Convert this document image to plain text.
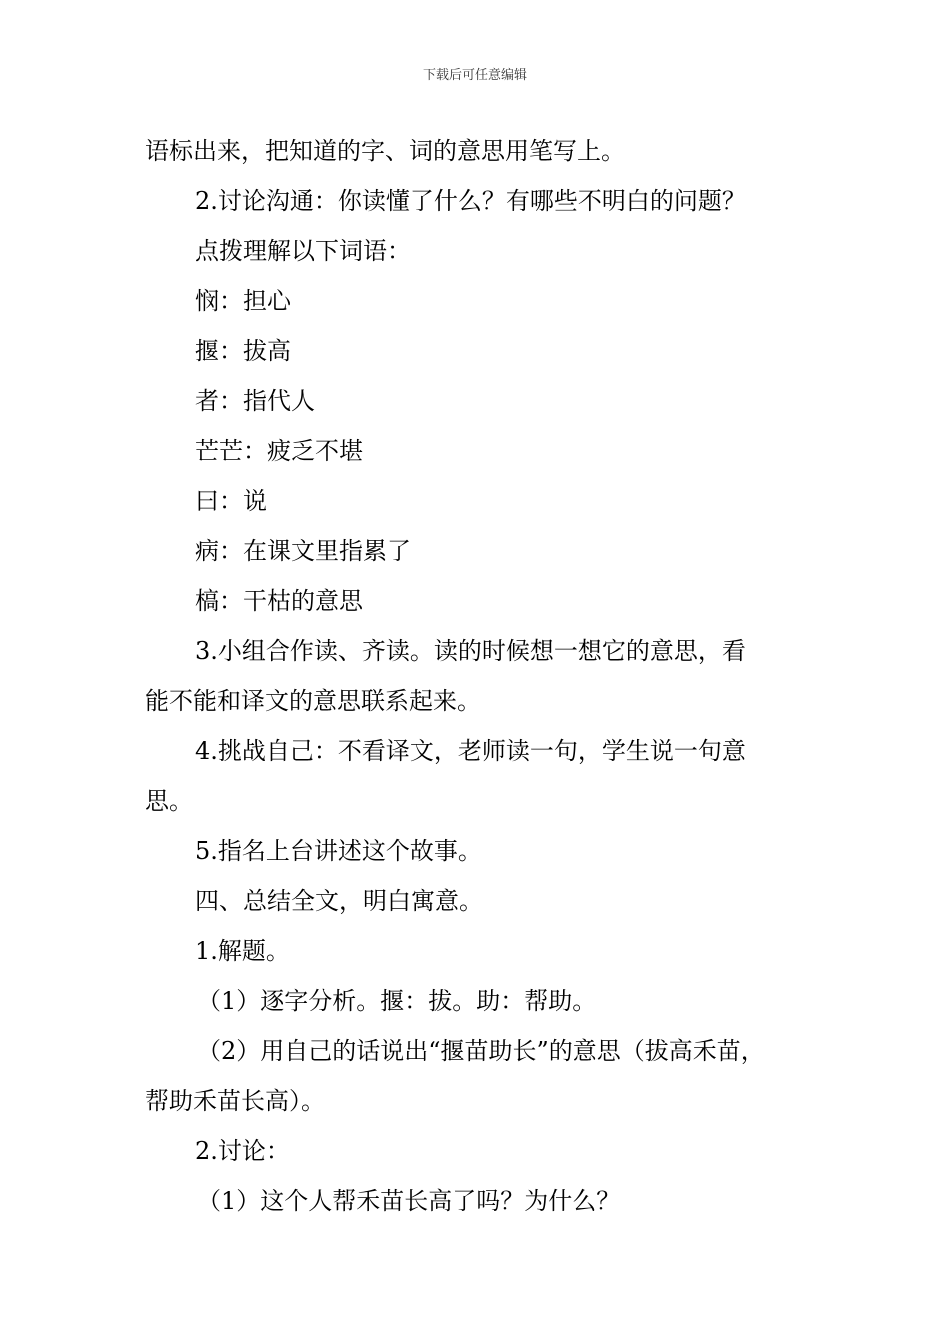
下载后可任意编辑

语标出来，把知道的字、词的意思用笔写上。

2.讨论沟通：你读懂了什么？有哪些不明白的问题？

点拨理解以下词语：

悯：担心

揠：拔高

者：指代人

芒芒：疲乏不堪

曰：说

病：在课文里指累了

槁：干枯的意思

3.小组合作读、齐读。读的时候想一想它的意思，看

能不能和译文的意思联系起来。

4.挑战自己：不看译文，老师读一句，学生说一句意

思。

5.指名上台讲述这个故事。

四、总结全文，明白寓意。

1.解题。

（1）逐字分析。揠：拔。助：帮助。

（2）用自己的话说出“揠苗助长”的意思（拔高禾苗，

帮助禾苗长高）。

2.讨论：

（1）这个人帮禾苗长高了吗？为什么？
